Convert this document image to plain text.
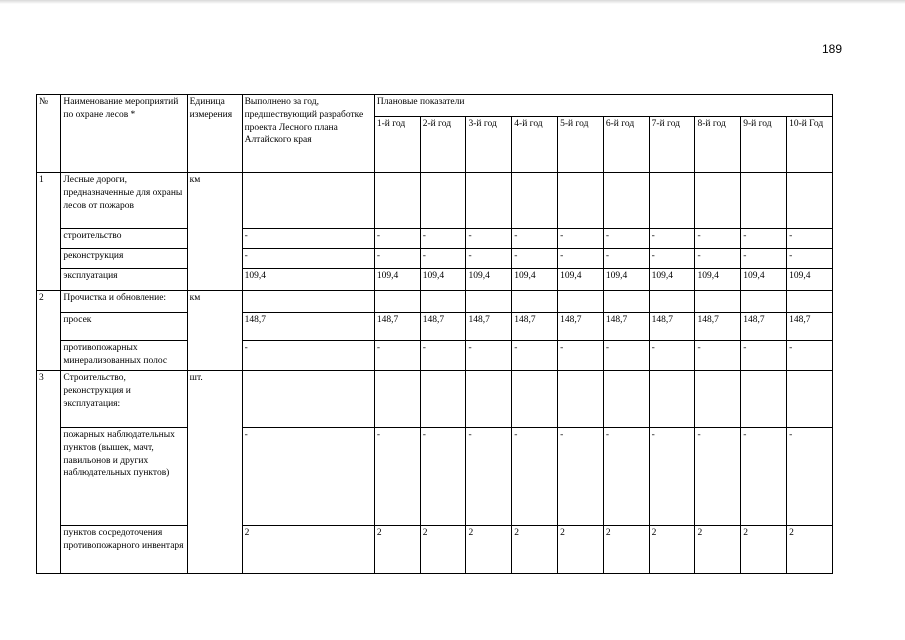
189
№	Наименование мероприятий по охране лесов *	Единица измерения	Выполнено за год, предшествующий разработке проекта Лесного плана Алтайского края	Плановые показатели									
				1-й год	2-й год	3-й год	4-й год	5-й год	6-й год	7-й год	8-й год	9-й год	10-й Год
1	Лесные дороги, предназначенные для охраны лесов от пожаров	км											
	строительство		-	-	-	-	-	-	-	-	-	-	-
	реконструкция		-	-	-	-	-	-	-	-	-	-	-
	эксплуатация		109,4	109,4	109,4	109,4	109,4	109,4	109,4	109,4	109,4	109,4	109,4
2	Прочистка и обновление:	км											
	просек		148,7	148,7	148,7	148,7	148,7	148,7	148,7	148,7	148,7	148,7	148,7
	противопожарных минерализованных полос		-	-	-	-	-	-	-	-	-	-	-
3	Строительство, реконструкция и эксплуатация:	шт.											
	пожарных наблюдательных пунктов (вышек, мачт, павильонов и других наблюдательных пунктов)		-	-	-	-	-	-	-	-	-	-	-
	пунктов сосредоточения противопожарного инвентаря		2	2	2	2	2	2	2	2	2	2	2
